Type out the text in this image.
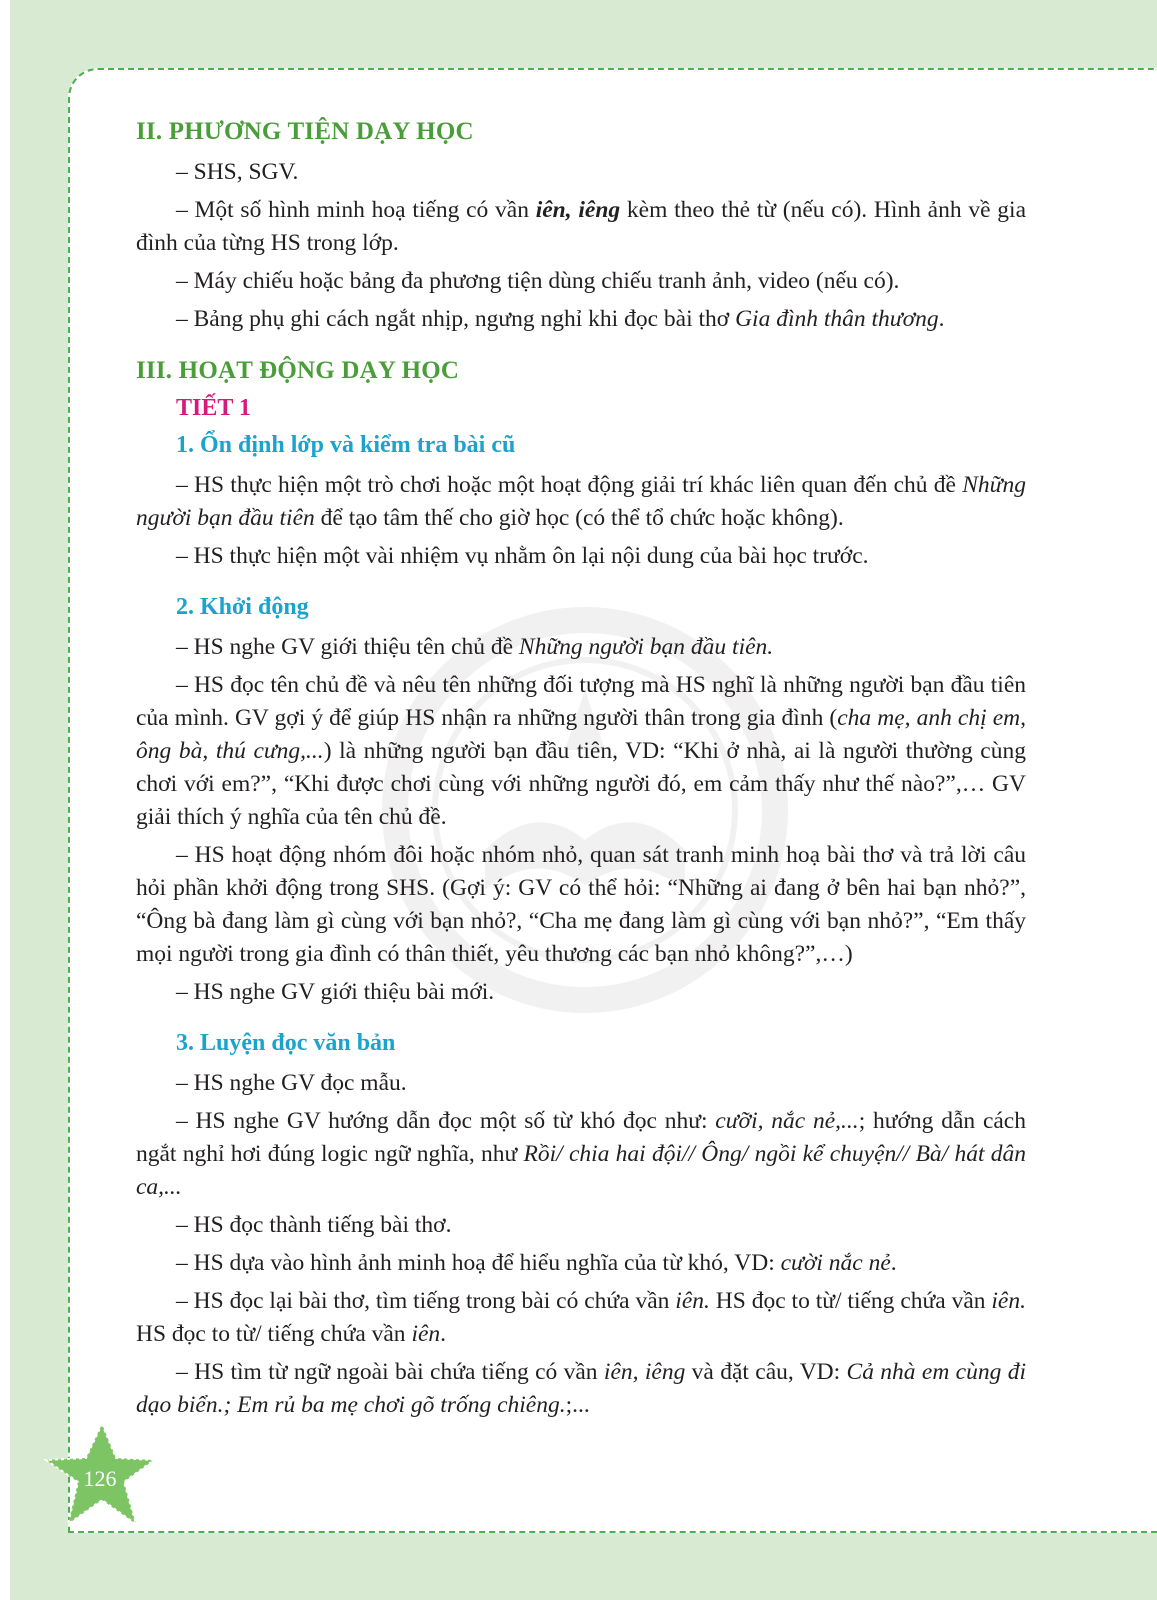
II. PHƯƠNG TIỆN DẠY HỌC

– SHS, SGV.

– Một số hình minh hoạ tiếng có vần iên, iêng kèm theo thẻ từ (nếu có). Hình ảnh về gia đình của từng HS trong lớp.

– Máy chiếu hoặc bảng đa phương tiện dùng chiếu tranh ảnh, video (nếu có).

– Bảng phụ ghi cách ngắt nhịp, ngưng nghỉ khi đọc bài thơ Gia đình thân thương.

III. HOẠT ĐỘNG DẠY HỌC
TIẾT 1
1. Ổn định lớp và kiểm tra bài cũ

– HS thực hiện một trò chơi hoặc một hoạt động giải trí khác liên quan đến chủ đề Những người bạn đầu tiên để tạo tâm thế cho giờ học (có thể tổ chức hoặc không).

– HS thực hiện một vài nhiệm vụ nhằm ôn lại nội dung của bài học trước.

2. Khởi động

– HS nghe GV giới thiệu tên chủ đề Những người bạn đầu tiên.

– HS đọc tên chủ đề và nêu tên những đối tượng mà HS nghĩ là những người bạn đầu tiên của mình. GV gợi ý để giúp HS nhận ra những người thân trong gia đình (cha mẹ, anh chị em, ông bà, thú cưng,...) là những người bạn đầu tiên, VD: “Khi ở nhà, ai là người thường cùng chơi với em?”, “Khi được chơi cùng với những người đó, em cảm thấy như thế nào?”,… GV giải thích ý nghĩa của tên chủ đề.

– HS hoạt động nhóm đôi hoặc nhóm nhỏ, quan sát tranh minh hoạ bài thơ và trả lời câu hỏi phần khởi động trong SHS. (Gợi ý: GV có thể hỏi: “Những ai đang ở bên hai bạn nhỏ?”, “Ông bà đang làm gì cùng với bạn nhỏ?, “Cha mẹ đang làm gì cùng với bạn nhỏ?”, “Em thấy mọi người trong gia đình có thân thiết, yêu thương các bạn nhỏ không?”,…)

– HS nghe GV giới thiệu bài mới.

3. Luyện đọc văn bản

– HS nghe GV đọc mẫu.

– HS nghe GV hướng dẫn đọc một số từ khó đọc như: cưỡi, nắc nẻ,...; hướng dẫn cách ngắt nghỉ hơi đúng logic ngữ nghĩa, như Rồi/ chia hai đội// Ông/ ngồi kể chuyện// Bà/ hát dân ca,...

– HS đọc thành tiếng bài thơ.

– HS dựa vào hình ảnh minh hoạ để hiểu nghĩa của từ khó, VD: cười nắc nẻ.

– HS đọc lại bài thơ, tìm tiếng trong bài có chứa vần iên. HS đọc to từ/ tiếng chứa vần iên. HS đọc to từ/ tiếng chứa vần iên.

– HS tìm từ ngữ ngoài bài chứa tiếng có vần iên, iêng và đặt câu, VD: Cả nhà em cùng đi dạo biển.; Em rủ ba mẹ chơi gõ trống chiêng.;...

126
